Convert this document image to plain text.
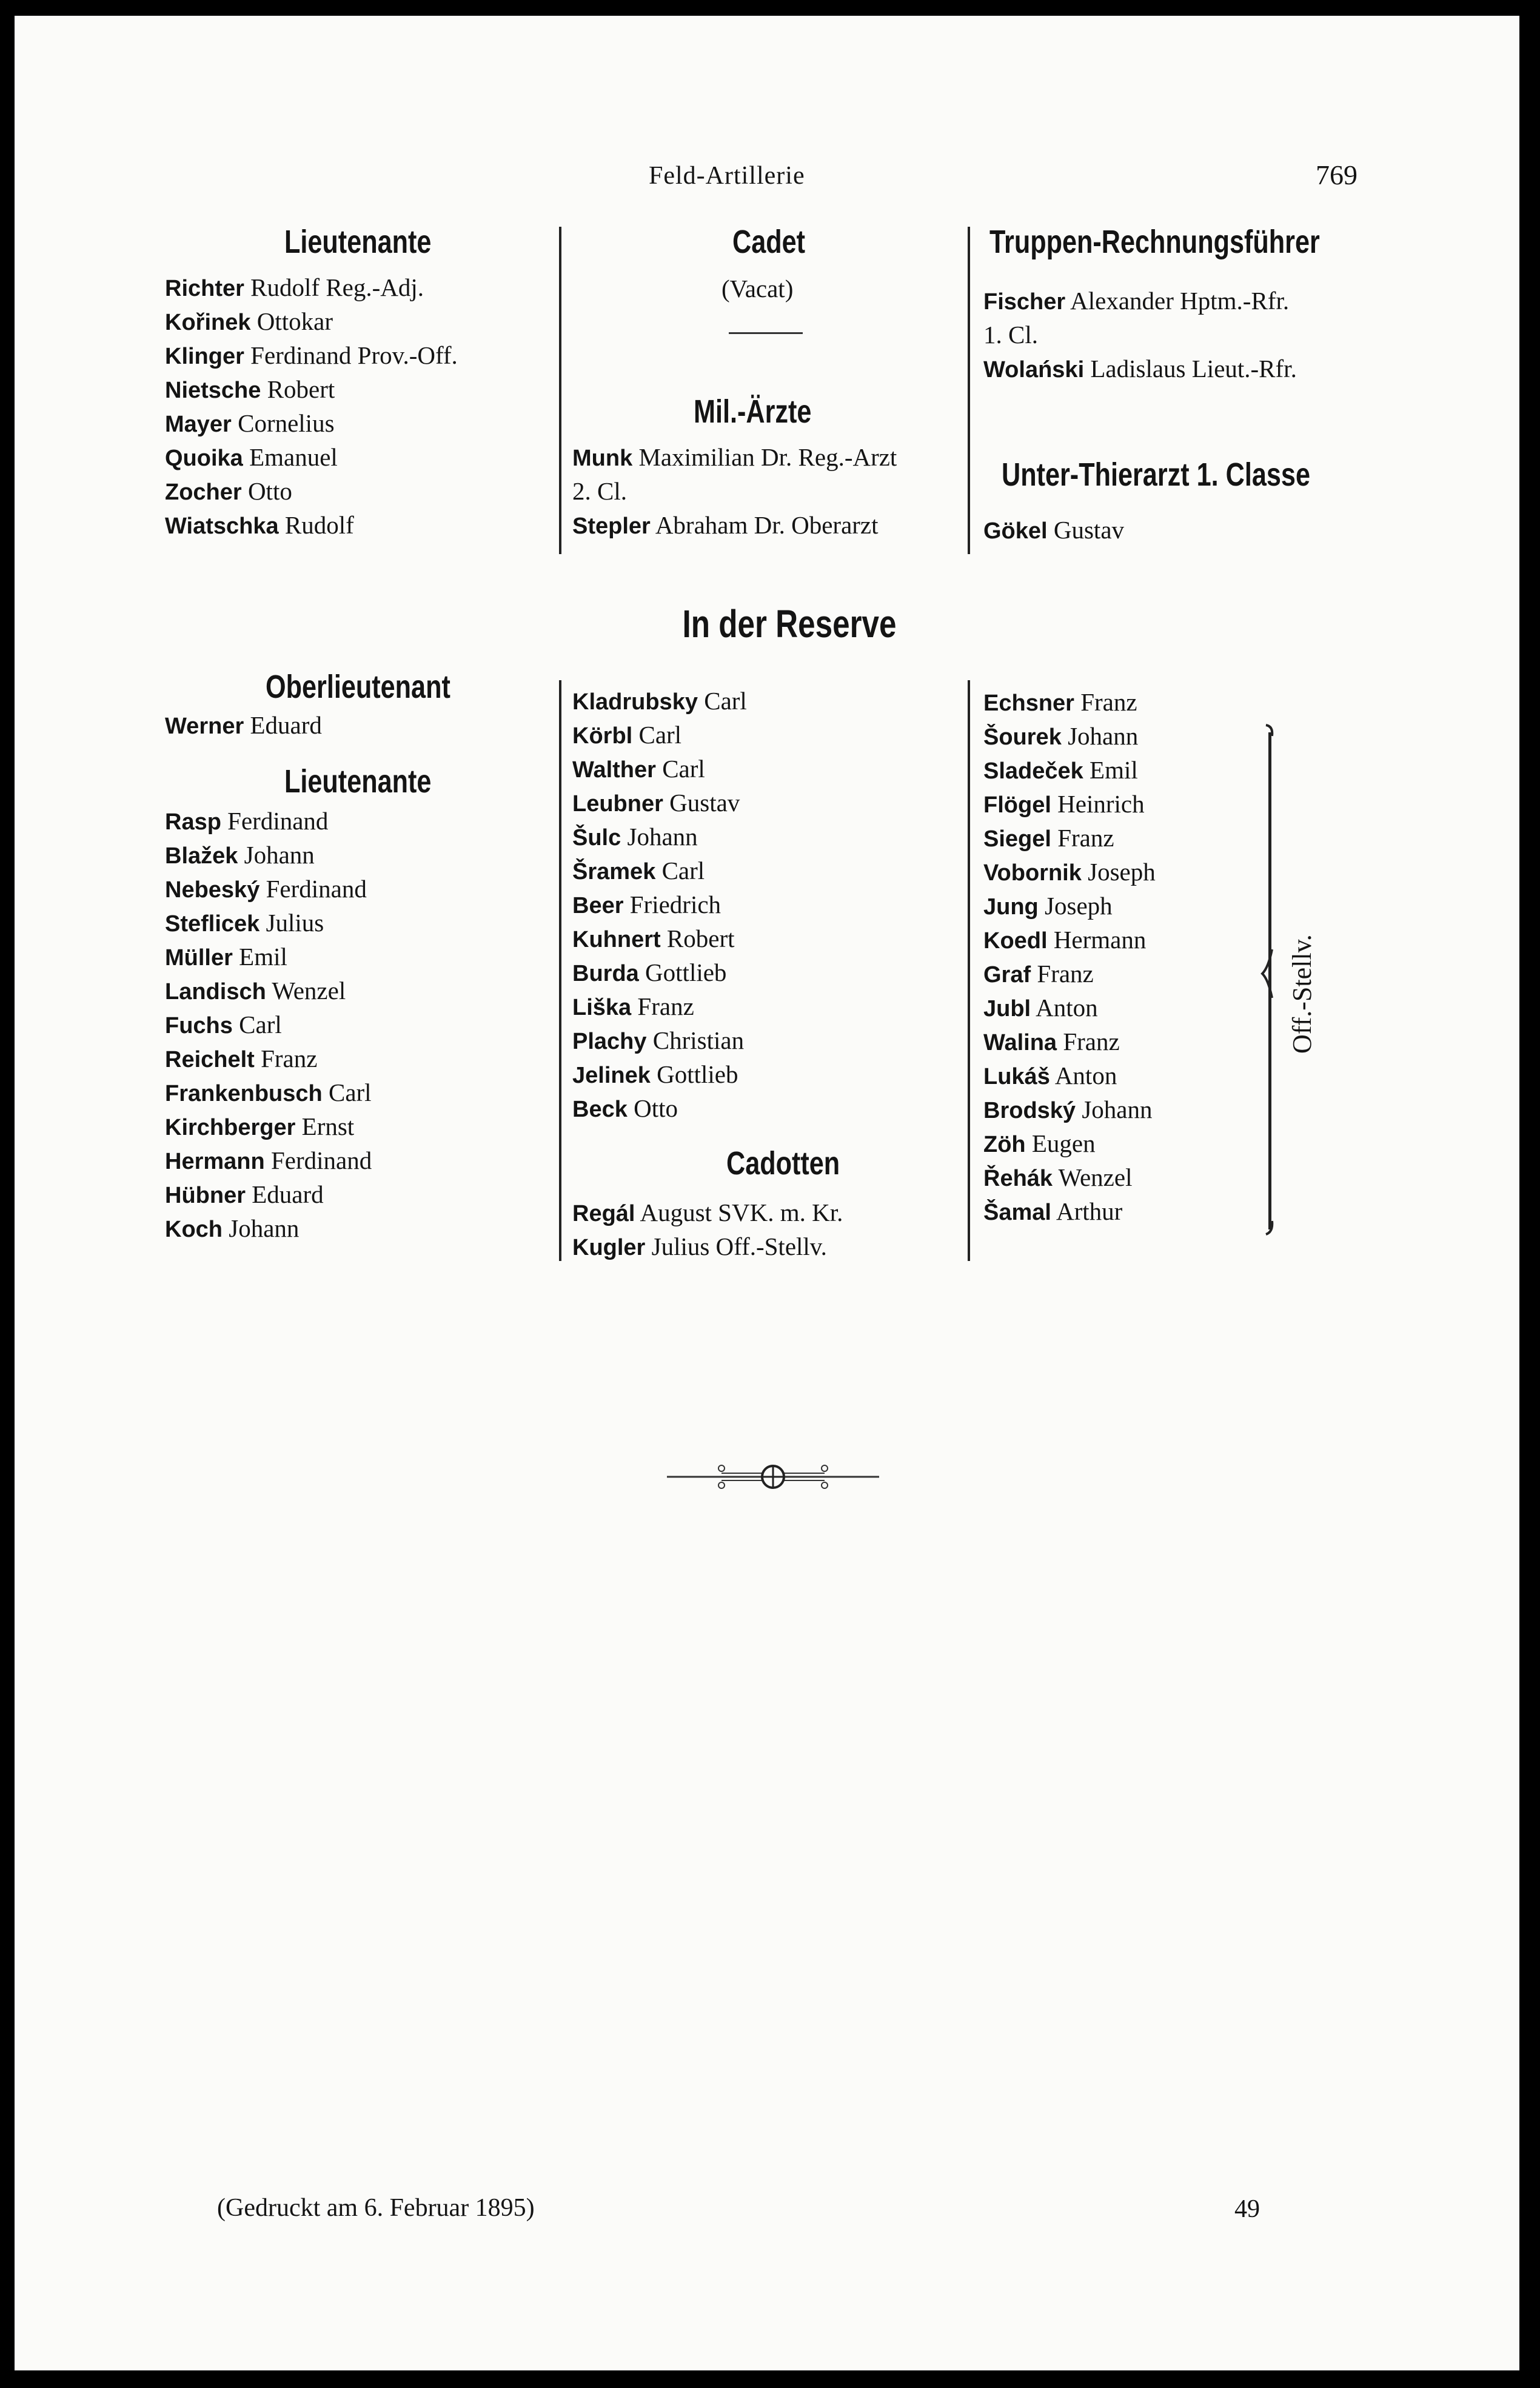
Feld-Artillerie	769
Lieutenante
Richter Rudolf Reg.-Adj.
Kořinek Ottokar
Klinger Ferdinand Prov.-Off.
Nietsche Robert
Mayer Cornelius
Quoika Emanuel
Zocher Otto
Wiatschka Rudolf
Cadet
(Vacat)
Mil.-Ärzte
Munk Maximilian Dr. Reg.-Arzt
2. Cl.
Stepler Abraham Dr. Oberarzt
Truppen-Rechnungsführer
Fischer Alexander Hptm.-Rfr.
1. Cl.
Wolański Ladislaus Lieut.-Rfr.
Unter-Thierarzt 1. Classe
Gökel Gustav
In der Reserve
Oberlieutenant
Werner Eduard
Lieutenante
Rasp Ferdinand
Blažek Johann
Nebeský Ferdinand
Steflicek Julius
Müller Emil
Landisch Wenzel
Fuchs Carl
Reichelt Franz
Frankenbusch Carl
Kirchberger Ernst
Hermann Ferdinand
Hübner Eduard
Koch Johann
Kladrubsky Carl
Körbl Carl
Walther Carl
Leubner Gustav
Šulc Johann
Šramek Carl
Beer Friedrich
Kuhnert Robert
Burda Gottlieb
Liška Franz
Plachy Christian
Jelinek Gottlieb
Beck Otto
Cadotten
Regál August SVK. m. Kr.
Kugler Julius Off.-Stellv.
Echsner Franz
Šourek Johann
Sladeček Emil
Flögel Heinrich
Siegel Franz
Vobornik Joseph
Jung Joseph
Koedl Hermann
Graf Franz
Jubl Anton
Walina Franz
Lukáš Anton
Brodský Johann
Zöh Eugen
Řehák Wenzel
Šamal Arthur
Off.-Stellv.
(Gedruckt am 6. Februar 1895)	49
